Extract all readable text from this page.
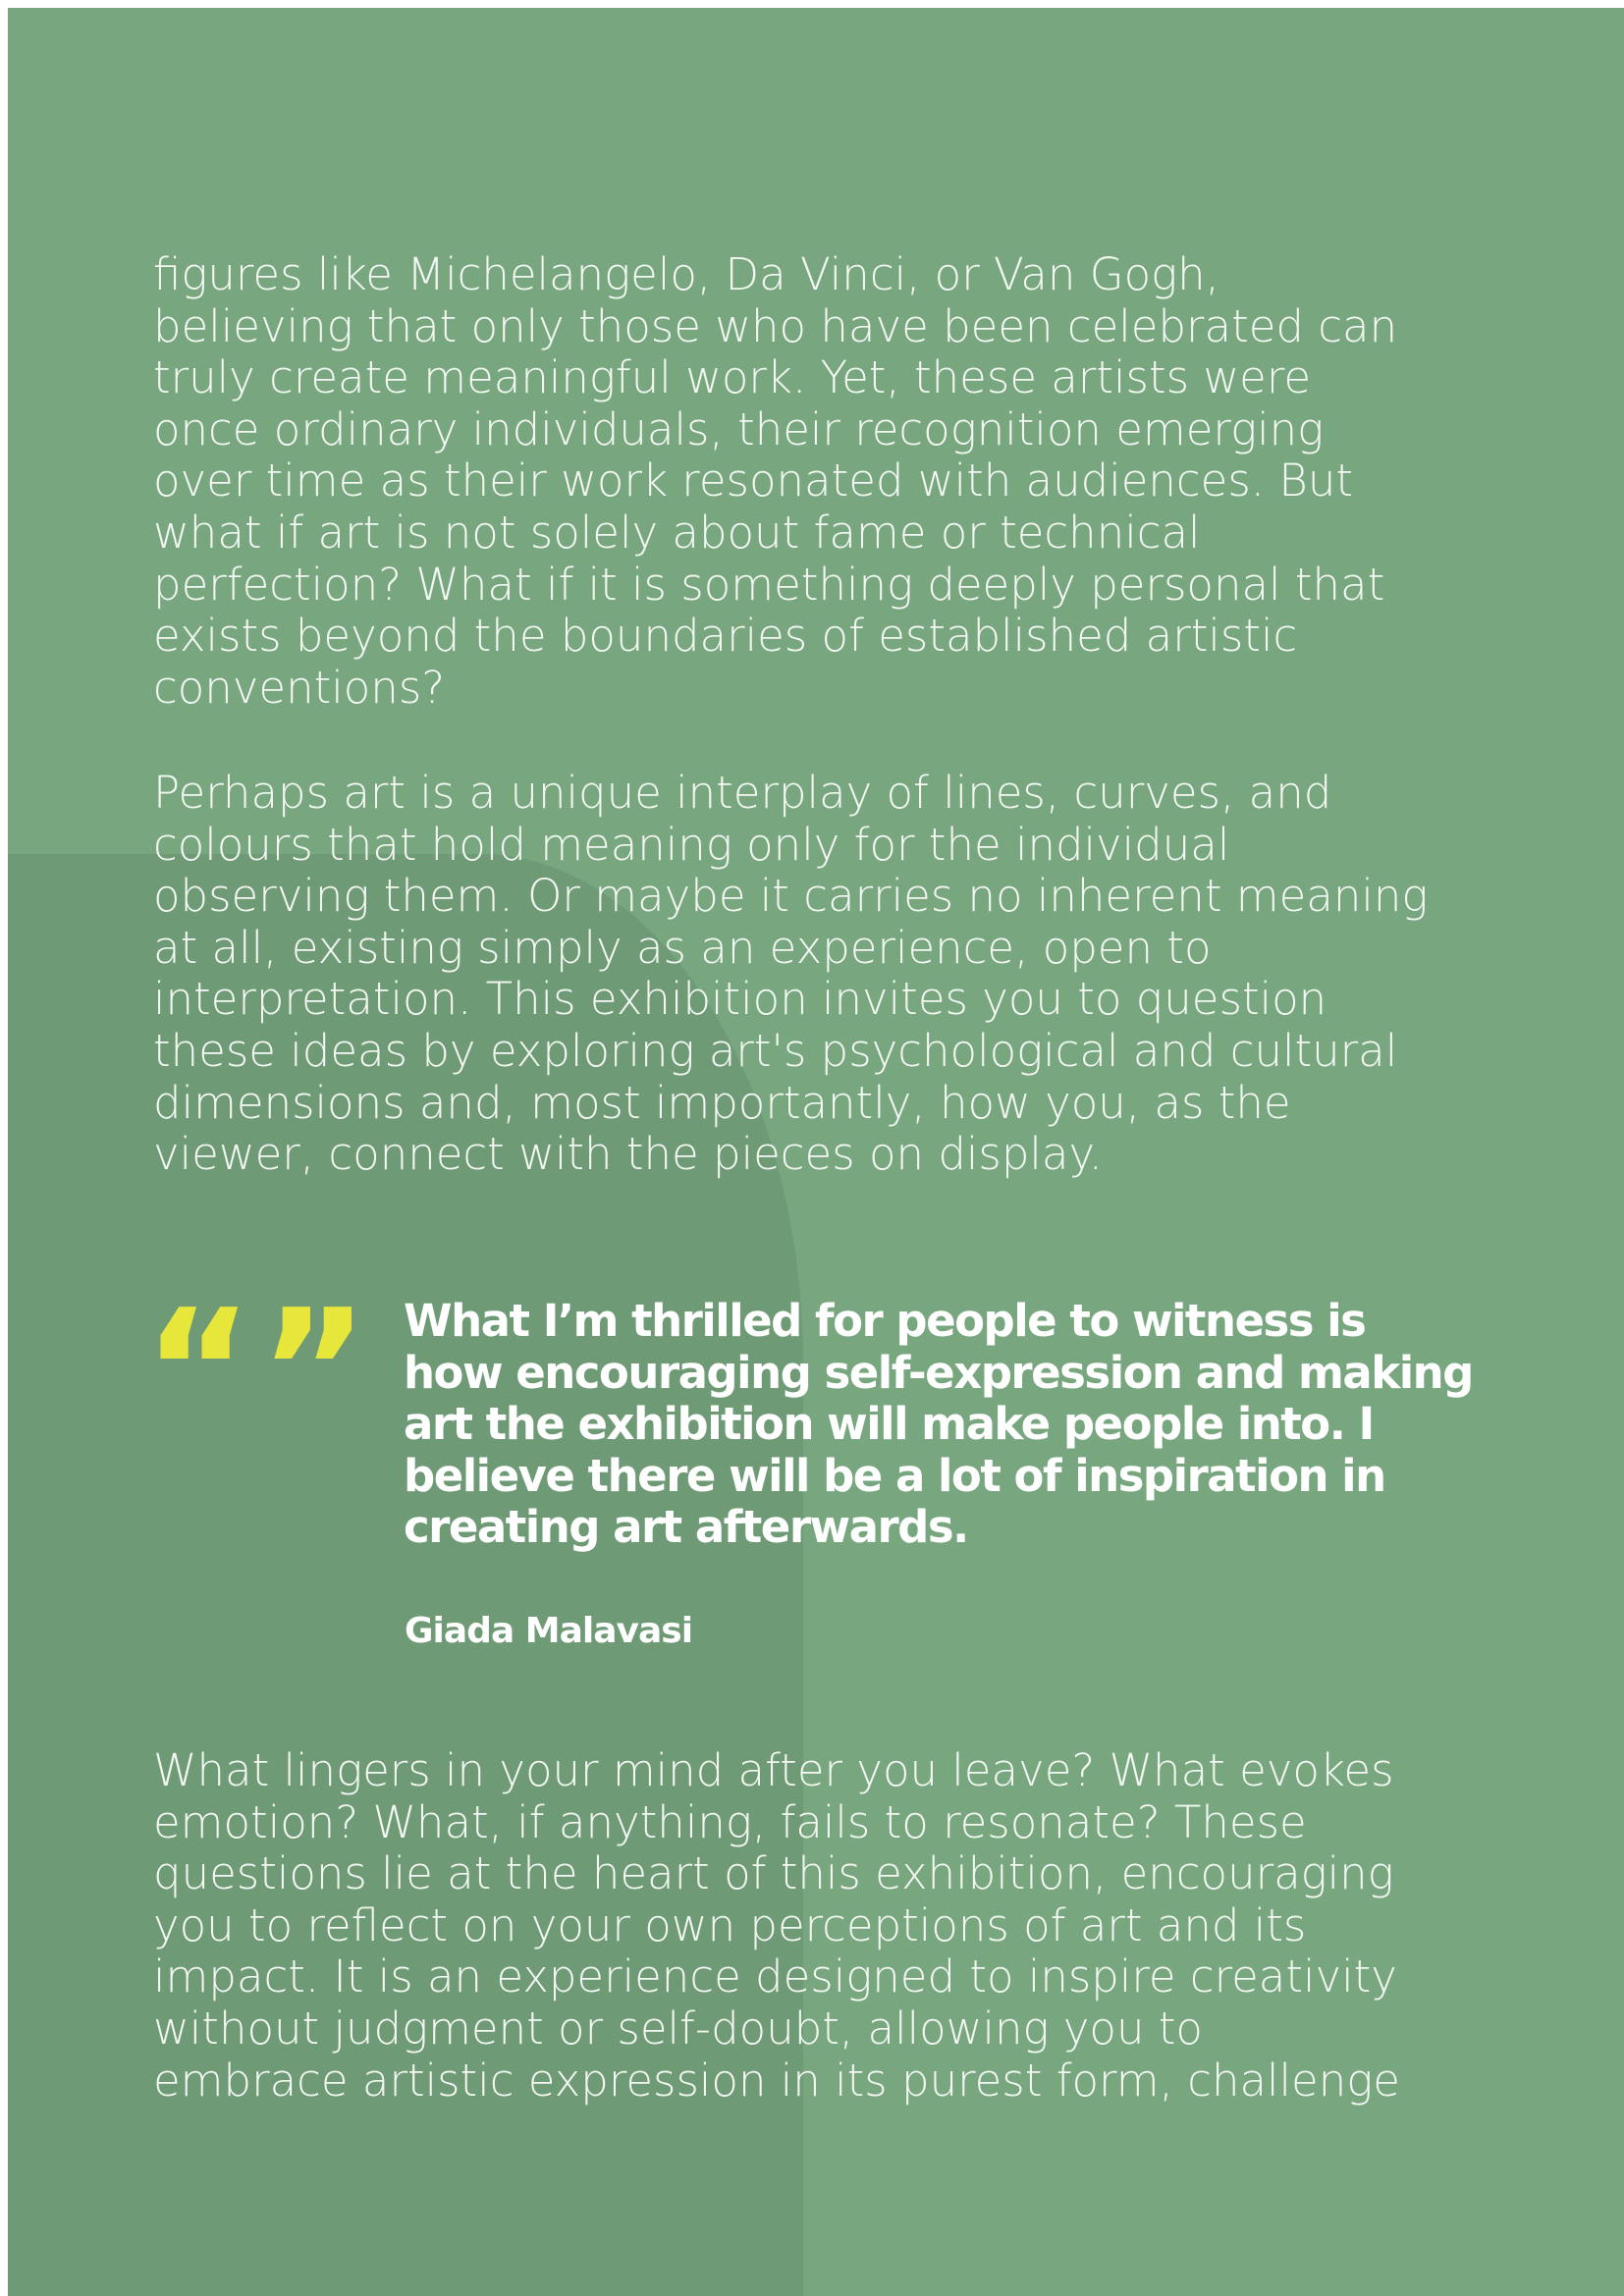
figures like Michelangelo, Da Vinci, or Van Gogh,
believing that only those who have been celebrated can
truly create meaningful work. Yet, these artists were
once ordinary individuals, their recognition emerging
over time as their work resonated with audiences. But
what if art is not solely about fame or technical
perfection? What if it is something deeply personal that
exists beyond the boundaries of established artistic
conventions?

Perhaps art is a unique interplay of lines, curves, and
colours that hold meaning only for the individual
observing them. Or maybe it carries no inherent meaning
at all, existing simply as an experience, open to
interpretation. This exhibition invites you to question
these ideas by exploring art's psychological and cultural
dimensions and, most importantly, how you, as the
viewer, connect with the pieces on display.

“” What I’m thrilled for people to witness is
how encouraging self-expression and making
art the exhibition will make people into. I
believe there will be a lot of inspiration in
creating art afterwards.

Giada Malavasi

What lingers in your mind after you leave? What evokes
emotion? What, if anything, fails to resonate? These
questions lie at the heart of this exhibition, encouraging
you to reflect on your own perceptions of art and its
impact. It is an experience designed to inspire creativity
without judgment or self-doubt, allowing you to
embrace artistic expression in its purest form, challenge
